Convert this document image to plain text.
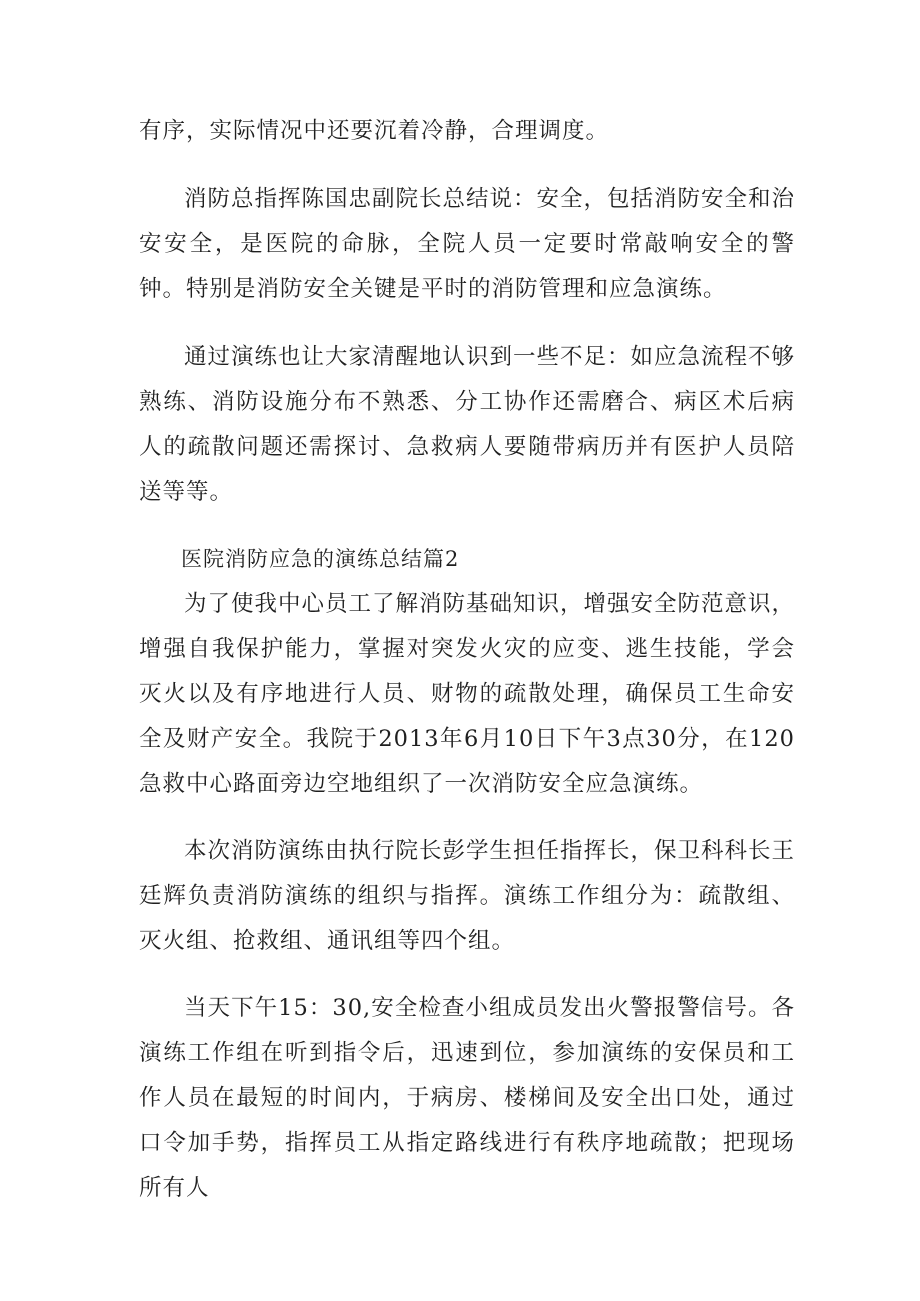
有序，实际情况中还要沉着冷静，合理调度。

消防总指挥陈国忠副院长总结说：安全，包括消防安全和治安安全，是医院的命脉，全院人员一定要时常敲响安全的警钟。特别是消防安全关键是平时的消防管理和应急演练。

通过演练也让大家清醒地认识到一些不足：如应急流程不够熟练、消防设施分布不熟悉、分工协作还需磨合、病区术后病人的疏散问题还需探讨、急救病人要随带病历并有医护人员陪送等等。

医院消防应急的演练总结篇2

为了使我中心员工了解消防基础知识，增强安全防范意识，增强自我保护能力，掌握对突发火灾的应变、逃生技能，学会灭火以及有序地进行人员、财物的疏散处理，确保员工生命安全及财产安全。我院于2013年6月10日下午3点30分，在120急救中心路面旁边空地组织了一次消防安全应急演练。

本次消防演练由执行院长彭学生担任指挥长，保卫科科长王廷辉负责消防演练的组织与指挥。演练工作组分为：疏散组、灭火组、抢救组、通讯组等四个组。

当天下午15：30,安全检查小组成员发出火警报警信号。各演练工作组在听到指令后，迅速到位，参加演练的安保员和工作人员在最短的时间内，于病房、楼梯间及安全出口处，通过口令加手势，指挥员工从指定路线进行有秩序地疏散；把现场所有人
